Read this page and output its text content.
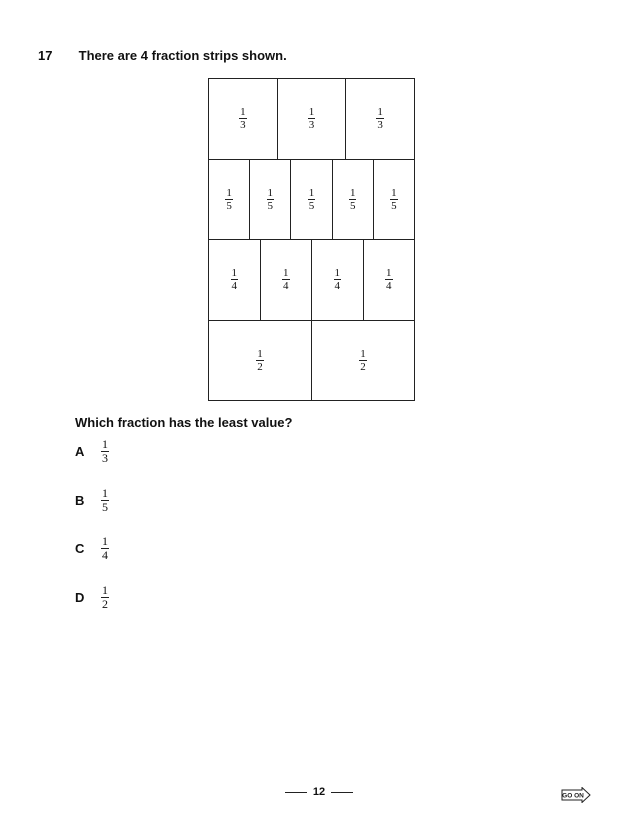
17 There are 4 fraction strips shown.
$\frac{1}{3}$	$\frac{1}{3}$	$\frac{1}{3}$
$\frac{1}{5}$	$\frac{1}{5}$	$\frac{1}{5}$	$\frac{1}{5}$	$\frac{1}{5}$
$\frac{1}{4}$	$\frac{1}{4}$	$\frac{1}{4}$	$\frac{1}{4}$
$\frac{1}{2}$	$\frac{1}{2}$
Which fraction has the least value?
A	$\frac{1}{3}$
B	$\frac{1}{5}$
C	$\frac{1}{4}$
D	$\frac{1}{2}$
12	GO ON
